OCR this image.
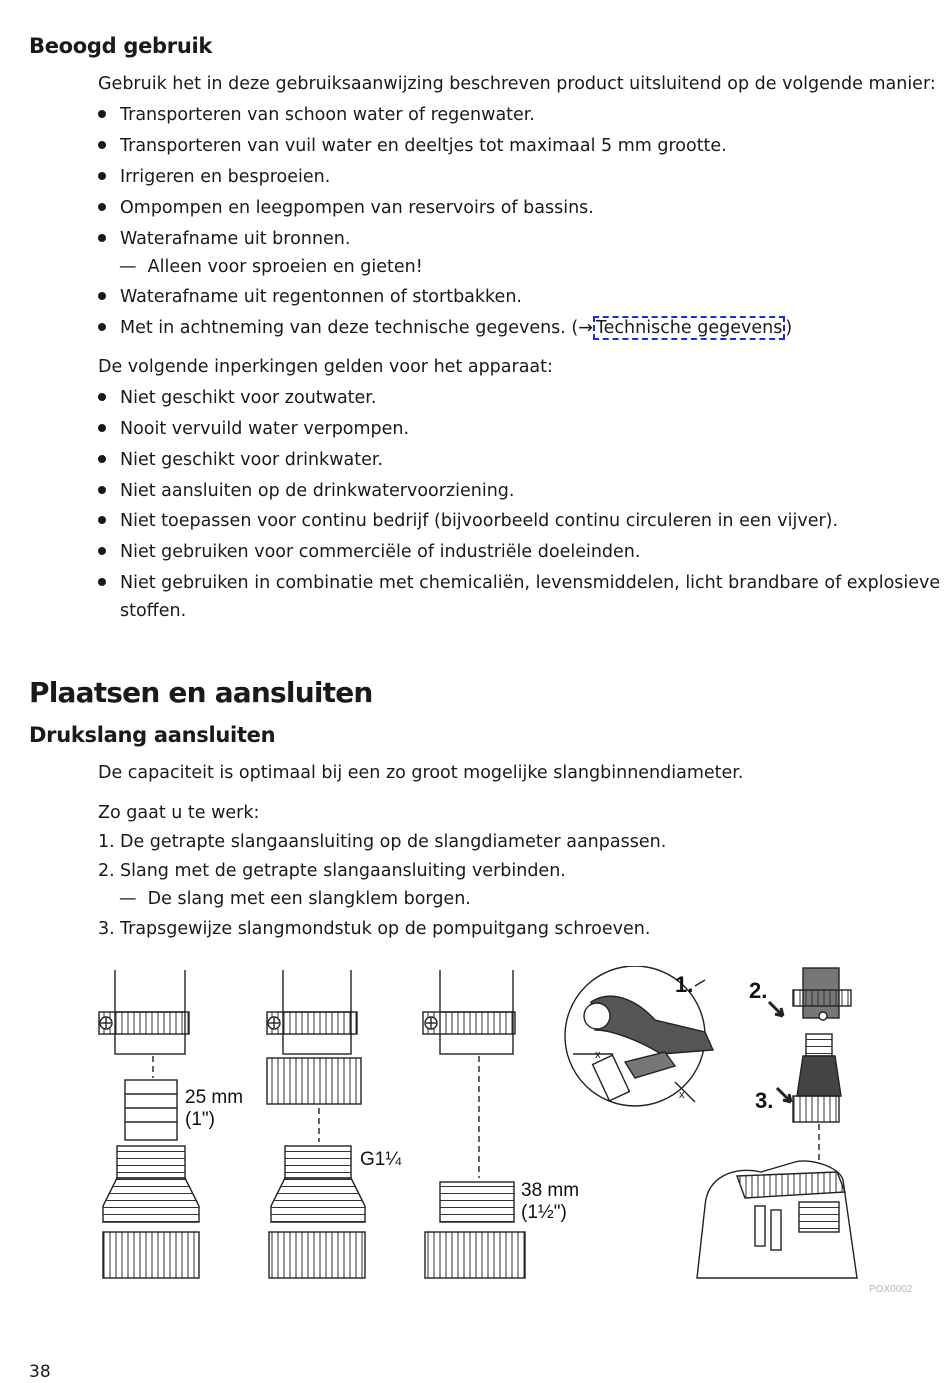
Beoogd gebruik

Gebruik het in deze gebruiksaanwijzing beschreven product uitsluitend op de volgende manier:

Transporteren van schoon water of regenwater.
Transporteren van vuil water en deeltjes tot maximaal 5 mm grootte.
Irrigeren en besproeien.
Ompompen en leegpompen van reservoirs of bassins.
Waterafname uit bronnen.
—  Alleen voor sproeien en gieten!
Waterafname uit regentonnen of stortbakken.
Met in achtneming van deze technische gegevens. (→ Technische gegevens )

De volgende inperkingen gelden voor het apparaat:

Niet geschikt voor zoutwater.
Nooit vervuild water verpompen.
Niet geschikt voor drinkwater.
Niet aansluiten op de drinkwatervoorziening.
Niet toepassen voor continu bedrijf (bijvoorbeeld continu circuleren in een vijver).
Niet gebruiken voor commerciële of industriële doeleinden.
Niet gebruiken in combinatie met chemicaliën, levensmiddelen, licht brandbare of explosieve
stoffen.
Plaatsen en aansluiten
Drukslang aansluiten

De capaciteit is optimaal bij een zo groot mogelijke slangbinnendiameter.

Zo gaat u te werk:

1. De getrapte slangaansluiting op de slangdiameter aanpassen.
2. Slang met de getrapte slangaansluiting verbinden.
—  De slang met een slangklem borgen.
3. Trapsgewijze slangmondstuk op de pompuitgang schroeven.
25 mm
(1")
G1¼
38 mm
(1½")
x
x
1.	2.
3.
POX0002
38
